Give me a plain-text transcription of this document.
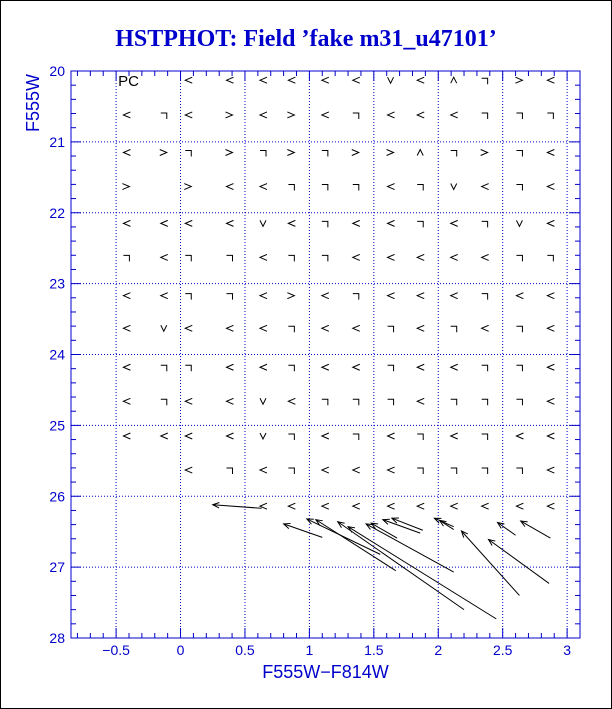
HSTPHOT: Field ’fake m31_u47101’
−0.5	0	0.5	1	1.5	2	2.5	3
20
21
22
23
24
25
26
27
28
F555W−F814W
F555W	PC
